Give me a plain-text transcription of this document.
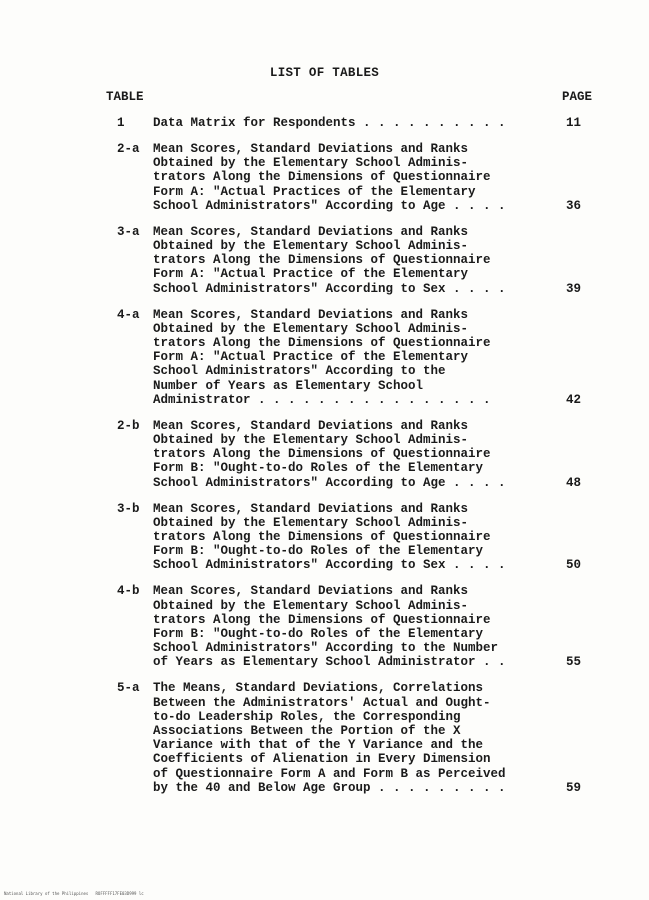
LIST OF TABLES
TABLE	PAGE
1 Data Matrix for Respondents . . . . . . . . . .	11
2-a Mean Scores, Standard Deviations and Ranks
Obtained by the Elementary School Adminis-
trators Along the Dimensions of Questionnaire
Form A: "Actual Practices of the Elementary
School Administrators" According to Age . . . .	36
3-a Mean Scores, Standard Deviations and Ranks
Obtained by the Elementary School Adminis-
trators Along the Dimensions of Questionnaire
Form A: "Actual Practice of the Elementary
School Administrators" According to Sex . . . .	39
4-a Mean Scores, Standard Deviations and Ranks
Obtained by the Elementary School Adminis-
trators Along the Dimensions of Questionnaire
Form A: "Actual Practice of the Elementary
School Administrators" According to the
Number of Years as Elementary School
Administrator . . . . . . . . . . . . . . . .	42
2-b Mean Scores, Standard Deviations and Ranks
Obtained by the Elementary School Adminis-
trators Along the Dimensions of Questionnaire
Form B: "Ought-to-do Roles of the Elementary
School Administrators" According to Age . . . .	48
3-b Mean Scores, Standard Deviations and Ranks
Obtained by the Elementary School Adminis-
trators Along the Dimensions of Questionnaire
Form B: "Ought-to-do Roles of the Elementary
School Administrators" According to Sex . . . .	50
4-b Mean Scores, Standard Deviations and Ranks
Obtained by the Elementary School Adminis-
trators Along the Dimensions of Questionnaire
Form B: "Ought-to-do Roles of the Elementary
School Administrators" According to the Number
of Years as Elementary School Administrator . .	55
5-a The Means, Standard Deviations, Correlations
Between the Administrators' Actual and Ought-
to-do Leadership Roles, the Corresponding
Associations Between the Portion of the X
Variance with that of the Y Variance and the
Coefficients of Alienation in Every Dimension
of Questionnaire Form A and Form B as Perceived
by the 40 and Below Age Group . . . . . . . . .	59
National Library of the Philippines   ROFFFFF17FE03D999 lc
